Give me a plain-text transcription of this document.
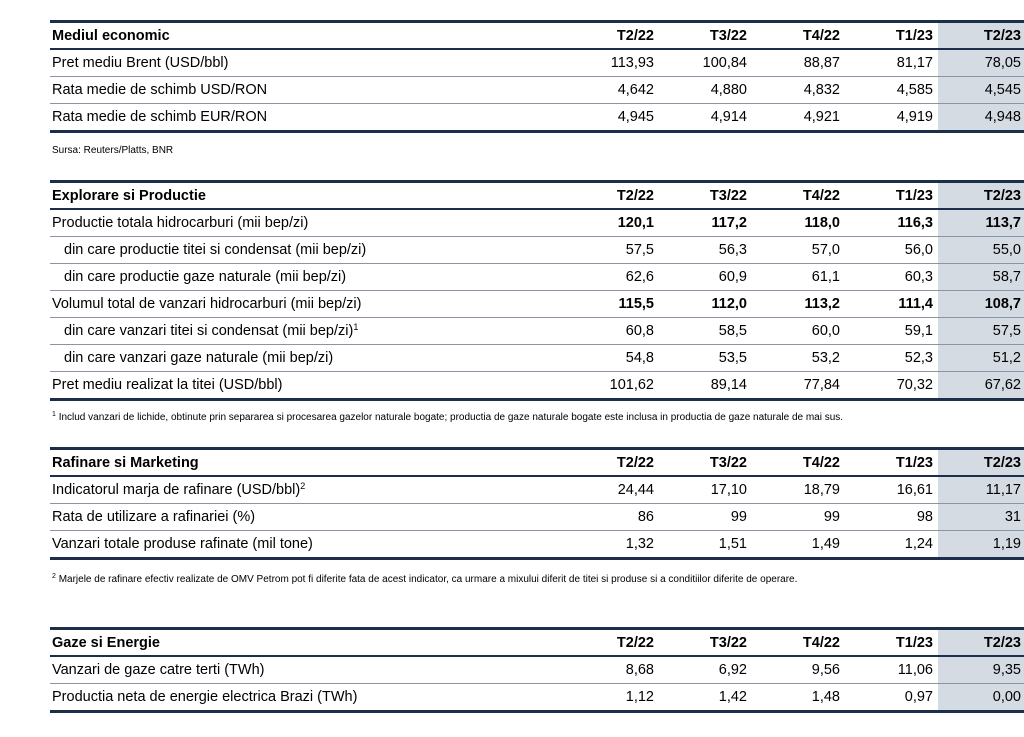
Mediul economic	T2/22	T3/22	T4/22	T1/23	T2/23
Pret mediu Brent (USD/bbl)	113,93	100,84	88,87	81,17	78,05
Rata medie de schimb USD/RON	4,642	4,880	4,832	4,585	4,545
Rata medie de schimb EUR/RON	4,945	4,914	4,921	4,919	4,948
Sursa: Reuters/Platts, BNR
Explorare si Productie	T2/22	T3/22	T4/22	T1/23	T2/23
Productie totala hidrocarburi (mii bep/zi)	120,1	117,2	118,0	116,3	113,7
din care productie titei si condensat (mii bep/zi)	57,5	56,3	57,0	56,0	55,0
din care productie gaze naturale (mii bep/zi)	62,6	60,9	61,1	60,3	58,7
Volumul total de vanzari hidrocarburi (mii bep/zi)	115,5	112,0	113,2	111,4	108,7
din care vanzari titei si condensat (mii bep/zi)$^1$	60,8	58,5	60,0	59,1	57,5
din care vanzari gaze naturale (mii bep/zi)	54,8	53,5	53,2	52,3	51,2
Pret mediu realizat la titei (USD/bbl)	101,62	89,14	77,84	70,32	67,62
$^1$ Includ vanzari de lichide, obtinute prin separarea si procesarea gazelor naturale bogate; productia de gaze naturale bogate este inclusa in productia de gaze naturale de mai sus.
Rafinare si Marketing	T2/22	T3/22	T4/22	T1/23	T2/23
Indicatorul marja de rafinare $(USD/bbl)^2$	24,44	17,10	18,79	16,61	11,17
Rata de utilizare a rafinariei (%)	86	99	99	98	31
Vanzari totale produse rafinate (mil tone)	1,32	1,51	1,49	1,24	1,19
$^2$ Marjele de rafinare efectiv realizate de OMV Petrom pot fi diferite fata de acest indicator, ca urmare a mixului diferit de titei si produse si a conditiilor diferite de operare.
Gaze si Energie	T2/22	T3/22	T4/22	T1/23	T2/23
Vanzari de gaze catre terti (TWh)	8,68	6,92	9,56	11,06	9,35
Productia neta de energie electrica Brazi (TWh)	1,12	1,42	1,48	0,97	0,00
